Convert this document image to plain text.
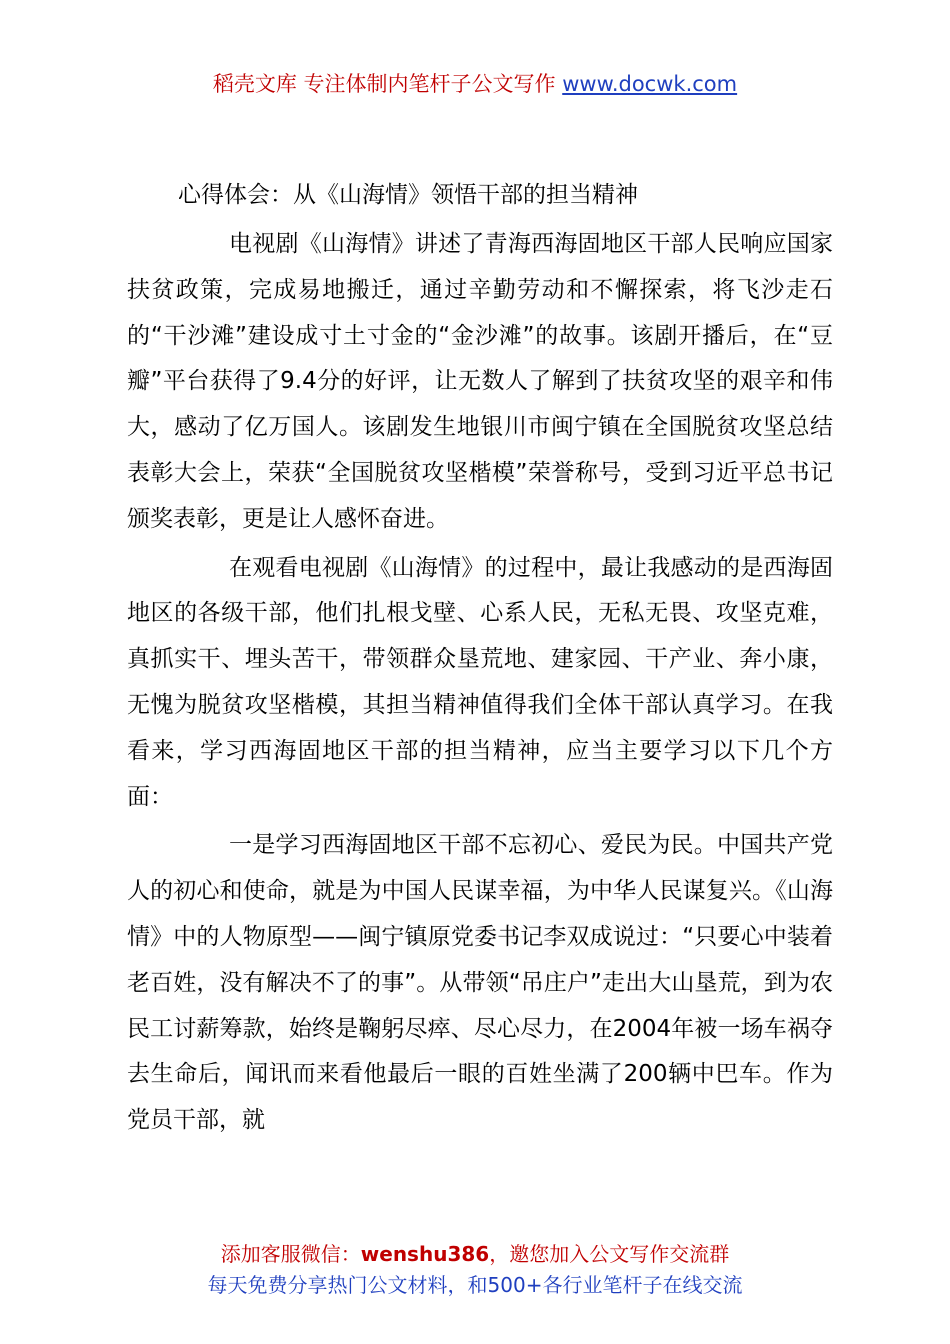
稻壳文库 专注体制内笔杆子公文写作 www.docwk.com
心得体会：从《山海情》领悟干部的担当精神

电视剧《山海情》讲述了青海西海固地区干部人民响应国家扶贫政策，完成易地搬迁，通过辛勤劳动和不懈探索，将飞沙走石的“干沙滩”建设成寸土寸金的“金沙滩”的故事。该剧开播后，在“豆瓣”平台获得了9.4分的好评，让无数人了解到了扶贫攻坚的艰辛和伟大，感动了亿万国人。该剧发生地银川市闽宁镇在全国脱贫攻坚总结表彰大会上，荣获“全国脱贫攻坚楷模”荣誉称号，受到习近平总书记颁奖表彰，更是让人感怀奋进。

在观看电视剧《山海情》的过程中，最让我感动的是西海固地区的各级干部，他们扎根戈壁、心系人民，无私无畏、攻坚克难，真抓实干、埋头苦干，带领群众垦荒地、建家园、干产业、奔小康，无愧为脱贫攻坚楷模，其担当精神值得我们全体干部认真学习。在我看来，学习西海固地区干部的担当精神，应当主要学习以下几个方面：

一是学习西海固地区干部不忘初心、爱民为民。中国共产党人的初心和使命，就是为中国人民谋幸福，为中华人民谋复兴。《山海情》中的人物原型——闽宁镇原党委书记李双成说过：“只要心中装着老百姓，没有解决不了的事”。从带领“吊庄户”走出大山垦荒，到为农民工讨薪筹款，始终是鞠躬尽瘁、尽心尽力，在2004年被一场车祸夺去生命后，闻讯而来看他最后一眼的百姓坐满了200辆中巴车。作为党员干部，就

添加客服微信：wenshu386，邀您加入公文写作交流群
每天免费分享热门公文材料，和500+各行业笔杆子在线交流
